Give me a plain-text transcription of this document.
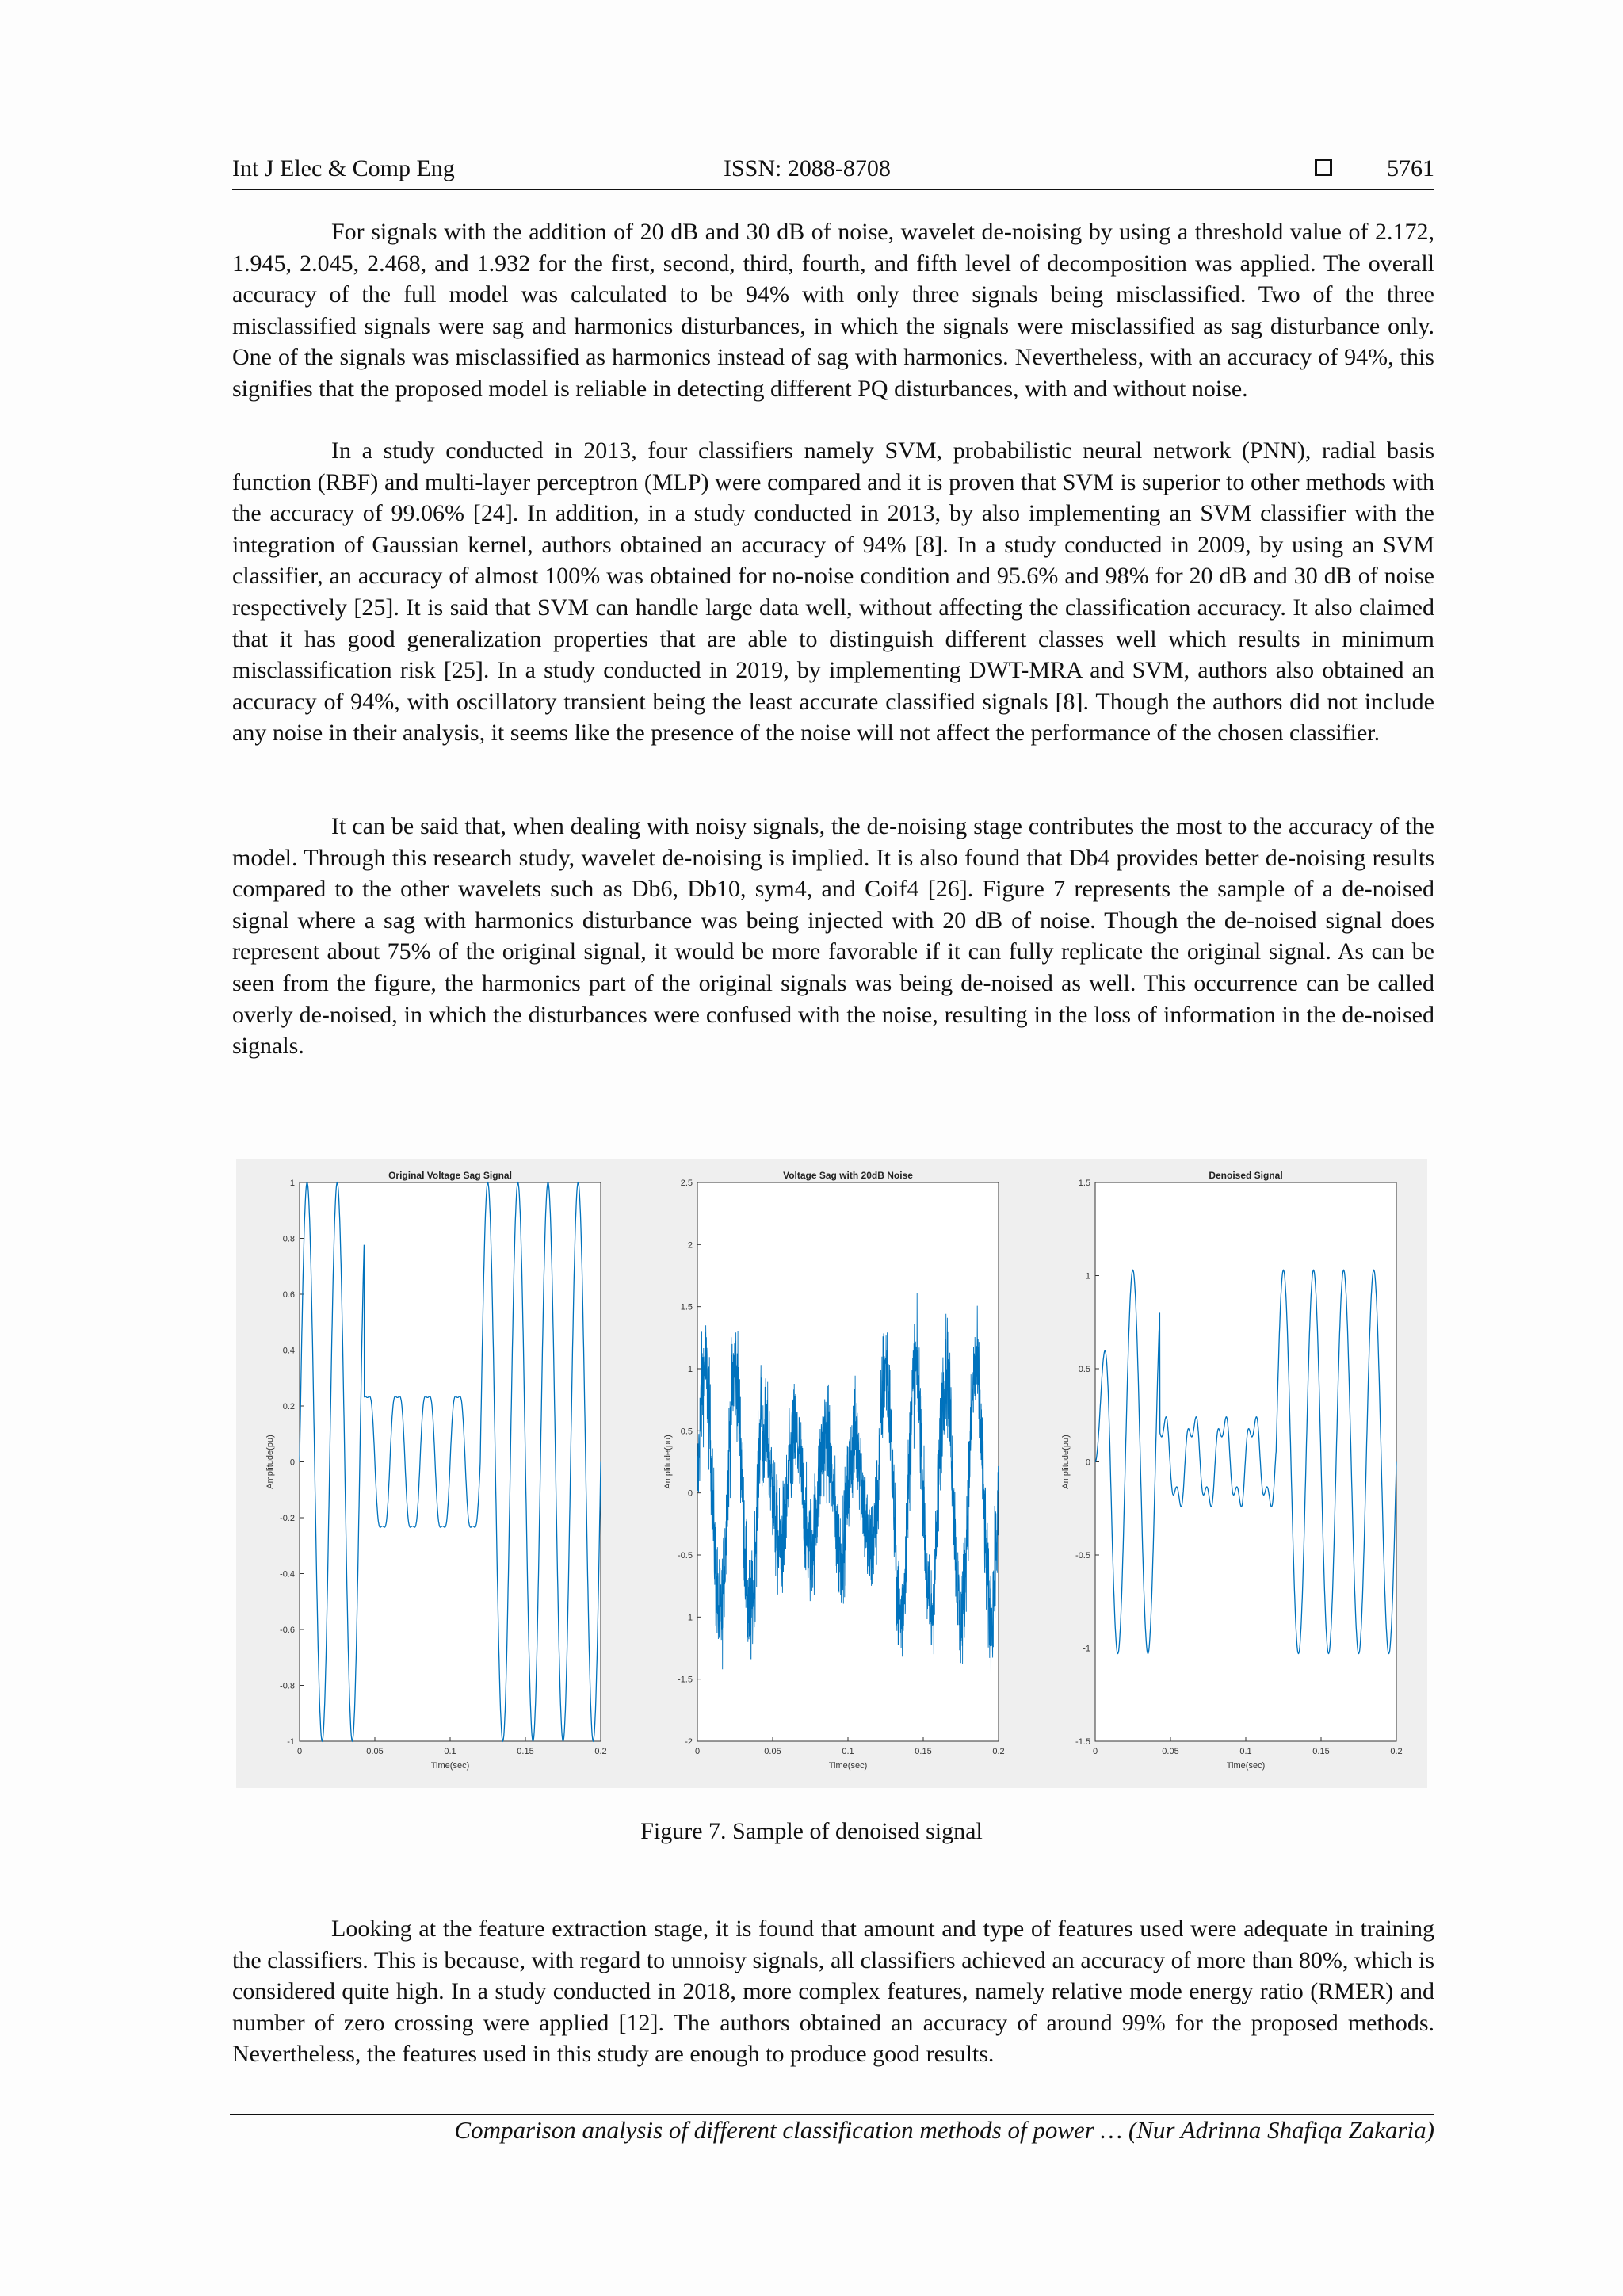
Int J Elec & Comp Eng	ISSN: 2088-8708	5761

For signals with the addition of 20 dB and 30 dB of noise, wavelet de-noising by using a threshold value of 2.172, 1.945, 2.045, 2.468, and 1.932 for the first, second, third, fourth, and fifth level of decomposition was applied. The overall accuracy of the full model was calculated to be 94% with only three signals being misclassified. Two of the three misclassified signals were sag and harmonics disturbances, in which the signals were misclassified as sag disturbance only. One of the signals was misclassified as harmonics instead of sag with harmonics. Nevertheless, with an accuracy of 94%, this signifies that the proposed model is reliable in detecting different PQ disturbances, with and without noise.

In a study conducted in 2013, four classifiers namely SVM, probabilistic neural network (PNN), radial basis function (RBF) and multi-layer perceptron (MLP) were compared and it is proven that SVM is superior to other methods with the accuracy of 99.06% [24]. In addition, in a study conducted in 2013, by also implementing an SVM classifier with the integration of Gaussian kernel, authors obtained an accuracy of 94% [8]. In a study conducted in 2009, by using an SVM classifier, an accuracy of almost 100% was obtained for no-noise condition and 95.6% and 98% for 20 dB and 30 dB of noise respectively [25]. It is said that SVM can handle large data well, without affecting the classification accuracy. It also claimed that it has good generalization properties that are able to distinguish different classes well which results in minimum misclassification risk [25]. In a study conducted in 2019, by implementing DWT-MRA and SVM, authors also obtained an accuracy of 94%, with oscillatory transient being the least accurate classified signals [8]. Though the authors did not include any noise in their analysis, it seems like the presence of the noise will not affect the performance of the chosen classifier.

It can be said that, when dealing with noisy signals, the de-noising stage contributes the most to the accuracy of the model. Through this research study, wavelet de-noising is implied. It is also found that Db4 provides better de-noising results compared to the other wavelets such as Db6, Db10, sym4, and Coif4 [26]. Figure 7 represents the sample of a de-noised signal where a sag with harmonics disturbance was being injected with 20 dB of noise. Though the de-noised signal does represent about 75% of the original signal, it would be more favorable if it can fully replicate the original signal. As can be seen from the figure, the harmonics part of the original signals was being de-noised as well. This occurrence can be called overly de-noised, in which the disturbances were confused with the noise, resulting in the loss of information in the de-noised signals.

Original Voltage Sag Signal
-1
-0.8
-0.6
-0.4
-0.2
0
0.2
0.4
0.6
0.8
1
0	0.05	0.1	0.15	0.2
Time(sec)
Amplitude(pu)
Voltage Sag with 20dB Noise
-2
-1.5
-1
-0.5
0
0.5
1
1.5
2
2.5
0	0.05	0.1	0.15	0.2
Time(sec)
Amplitude(pu)
Denoised Signal
-1.5
-1
-0.5
0
0.5
1
1.5
0	0.05	0.1	0.15	0.2
Time(sec)
Amplitude(pu)
Figure 7. Sample of denoised signal

Looking at the feature extraction stage, it is found that amount and type of features used were adequate in training the classifiers. This is because, with regard to unnoisy signals, all classifiers achieved an accuracy of more than 80%, which is considered quite high. In a study conducted in 2018, more complex features, namely relative mode energy ratio (RMER) and number of zero crossing were applied [12]. The authors obtained an accuracy of around 99% for the proposed methods. Nevertheless, the features used in this study are enough to produce good results.

Comparison analysis of different classification methods of power … (Nur Adrinna Shafiqa Zakaria)
